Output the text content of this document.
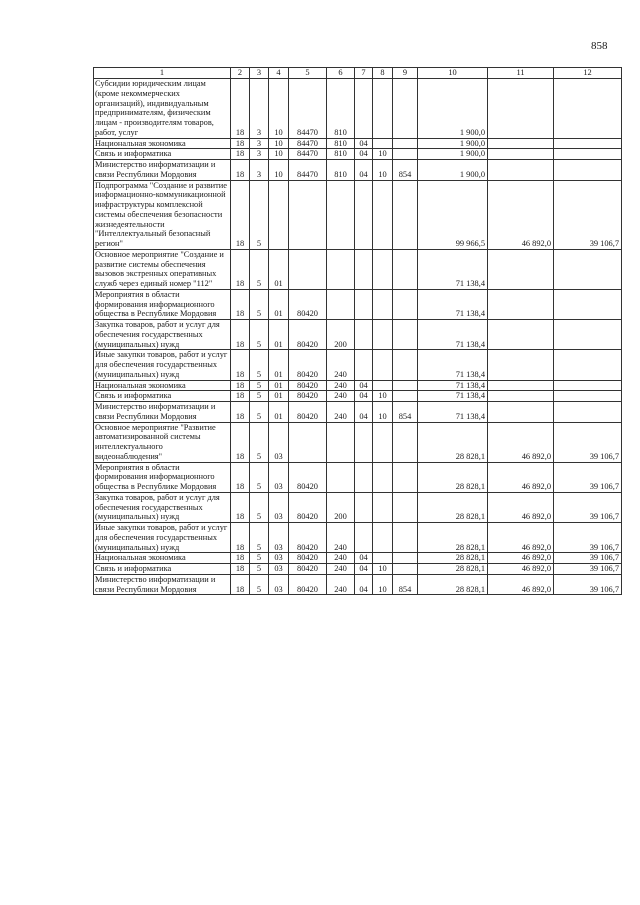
858
1	2	3	4	5	6	7	8	9	10	11	12
Субсидии юридическим лицам (кроме некоммерческих организаций), индивидуальным предпринимателям, физическим лицам - производителям товаров, работ, услуг	18	3	10	84470	810				1 900,0		
Национальная экономика	18	3	10	84470	810	04			1 900,0		
Связь и информатика	18	3	10	84470	810	04	10		1 900,0		
Министерство информатизации и связи Республики Мордовия	18	3	10	84470	810	04	10	854	1 900,0		
Подпрограмма "Создание и развитие информационно-коммуникационной инфраструктуры комплексной системы обеспечения безопасности жизнедеятельности "Интеллектуальный безопасный регион"	18	5							99 966,5	46 892,0	39 106,7
Основное мероприятие "Создание и развитие системы обеспечения вызовов экстренных оперативных служб через единый номер "112"	18	5	01						71 138,4		
Мероприятия в области формирования информационного общества в Республике Мордовия	18	5	01	80420					71 138,4		
Закупка товаров, работ и услуг для обеспечения государственных (муниципальных) нужд	18	5	01	80420	200				71 138,4		
Иные закупки товаров, работ и услуг для обеспечения государственных (муниципальных) нужд	18	5	01	80420	240				71 138,4		
Национальная экономика	18	5	01	80420	240	04			71 138,4		
Связь и информатика	18	5	01	80420	240	04	10		71 138,4		
Министерство информатизации и связи Республики Мордовия	18	5	01	80420	240	04	10	854	71 138,4		
Основное мероприятие "Развитие автоматизированной системы интеллектуального видеонаблюдения"	18	5	03						28 828,1	46 892,0	39 106,7
Мероприятия в области формирования информационного общества в Республике Мордовия	18	5	03	80420					28 828,1	46 892,0	39 106,7
Закупка товаров, работ и услуг для обеспечения государственных (муниципальных) нужд	18	5	03	80420	200				28 828,1	46 892,0	39 106,7
Иные закупки товаров, работ и услуг для обеспечения государственных (муниципальных) нужд	18	5	03	80420	240				28 828,1	46 892,0	39 106,7
Национальная экономика	18	5	03	80420	240	04			28 828,1	46 892,0	39 106,7
Связь и информатика	18	5	03	80420	240	04	10		28 828,1	46 892,0	39 106,7
Министерство информатизации и связи Республики Мордовия	18	5	03	80420	240	04	10	854	28 828,1	46 892,0	39 106,7
